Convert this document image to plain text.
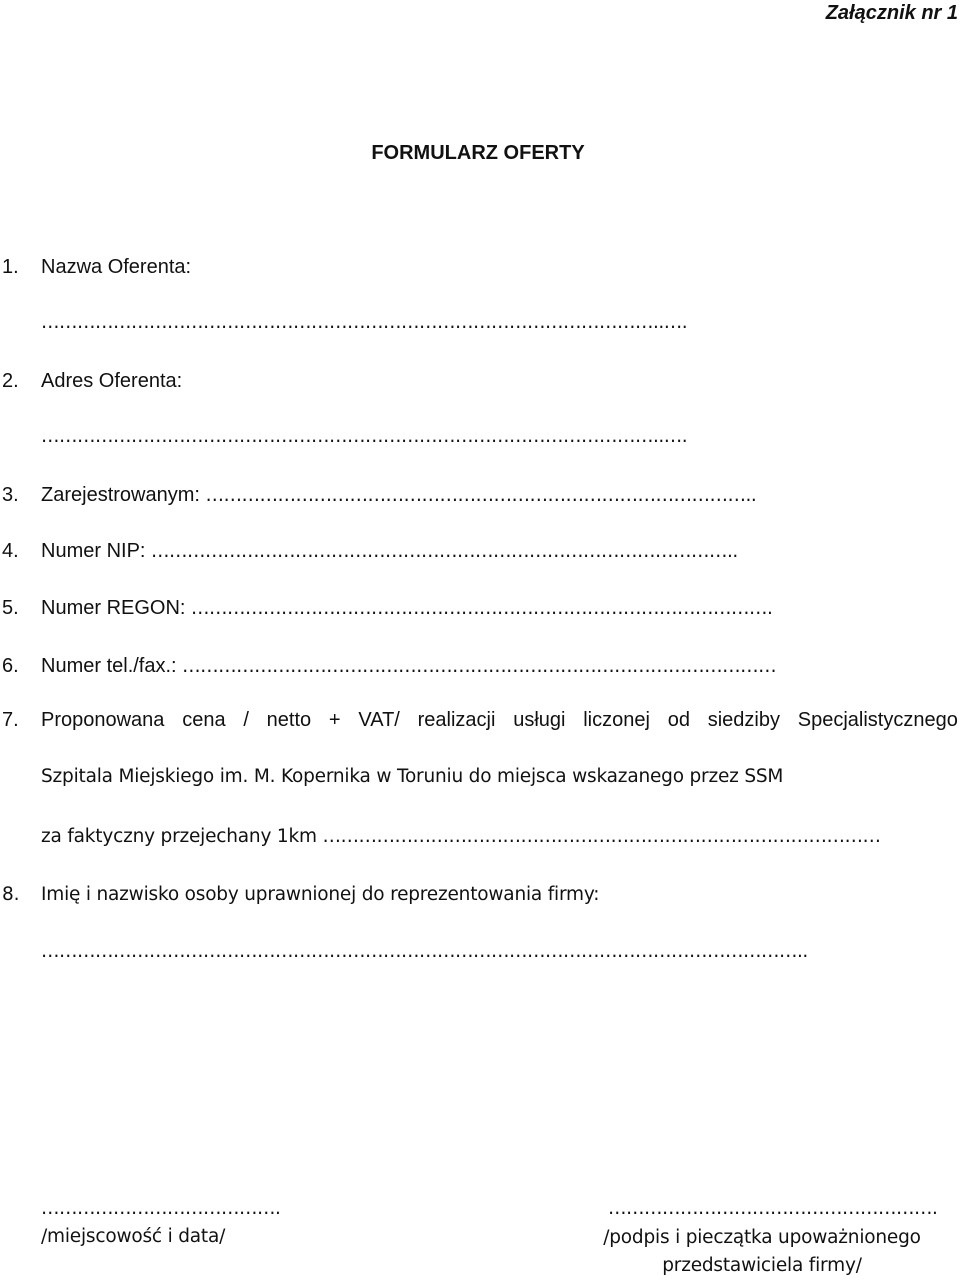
Załącznik nr 1
FORMULARZ OFERTY
1. Nazwa Oferenta:
…………………………………………………………………………………………..….
2. Adres Oferenta:
…………………………………………………………………………………………..….
3. Zarejestrowanym: ………………………………………………………………………………..
4. Numer NIP: ……………………………………………………………………………………..
5. Numer REGON: …………………………………………………………………………………….
6. Numer tel./fax.: ………………………………………………………………………………………
7. Proponowana cena / netto + VAT/ realizacji usługi liczonej od siedziby Specjalistycznego
Szpitala Miejskiego im. M. Kopernika w Toruniu do miejsca wskazanego przez SSM
za faktyczny przejechany 1km …………………………………………………………………………………
8. Imię i nazwisko osoby uprawnionej do reprezentowania firmy:
………………………………………………………………………………………………………………..
………………………………….
/miejscowość i data/
……………………………………………….
/podpis i pieczątka upoważnionego przedstawiciela firmy/
